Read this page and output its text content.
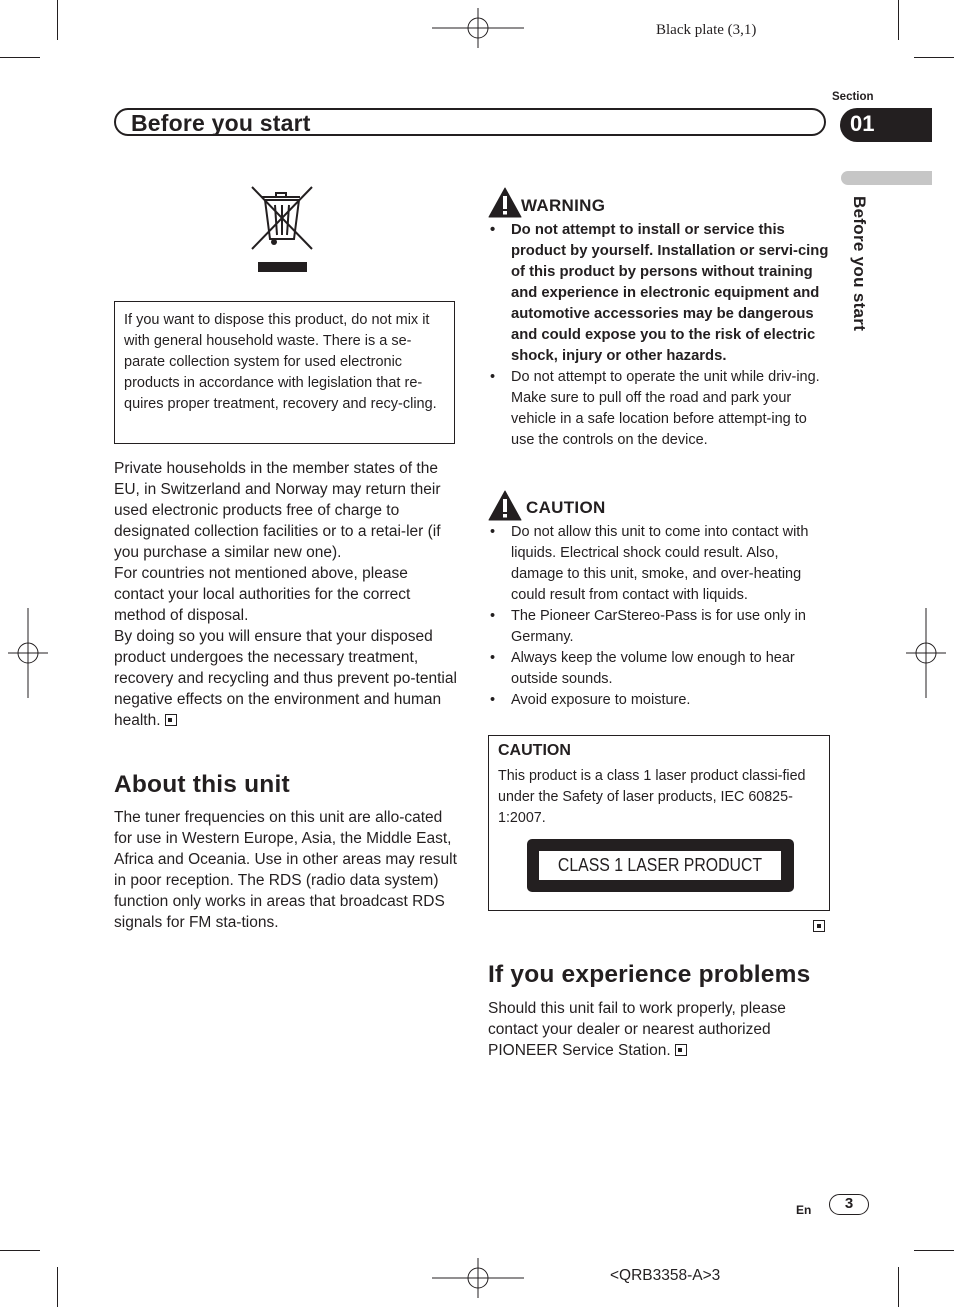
Black plate (3,1)
Section
Before you start	01
Before you start
If you want to dispose this product, do not mix it with general household waste. There is a se-parate collection system for used electronic products in accordance with legislation that re-quires proper treatment, recovery and recy-cling.
Private households in the member states of the EU, in Switzerland and Norway may return their used electronic products free of charge to designated collection facilities or to a retai-ler (if you purchase a similar new one).
For countries not mentioned above, please contact your local authorities for the correct method of disposal.
By doing so you will ensure that your disposed product undergoes the necessary treatment, recovery and recycling and thus prevent po-tential negative effects on the environment and human health.
About this unit
The tuner frequencies on this unit are allo-cated for use in Western Europe, Asia, the Middle East, Africa and Oceania. Use in other areas may result in poor reception. The RDS (radio data system) function only works in areas that broadcast RDS signals for FM sta-tions.
WARNING
• Do not attempt to install or service this product by yourself. Installation or servi-cing of this product by persons without training and experience in electronic equipment and automotive accessories may be dangerous and could expose you to the risk of electric shock, injury or other hazards.
• Do not attempt to operate the unit while driv-ing. Make sure to pull off the road and park your vehicle in a safe location before attempt-ing to use the controls on the device.
CAUTION
• Do not allow this unit to come into contact with liquids. Electrical shock could result. Also, damage to this unit, smoke, and over-heating could result from contact with liquids.
• The Pioneer CarStereo-Pass is for use only in Germany.
• Always keep the volume low enough to hear outside sounds.
• Avoid exposure to moisture.
CAUTION
This product is a class 1 laser product classi-fied under the Safety of laser products, IEC 60825-1:2007.
CLASS 1 LASER PRODUCT
If you experience problems
Should this unit fail to work properly, please contact your dealer or nearest authorized PIONEER Service Station.
En	3
<QRB3358-A>3
